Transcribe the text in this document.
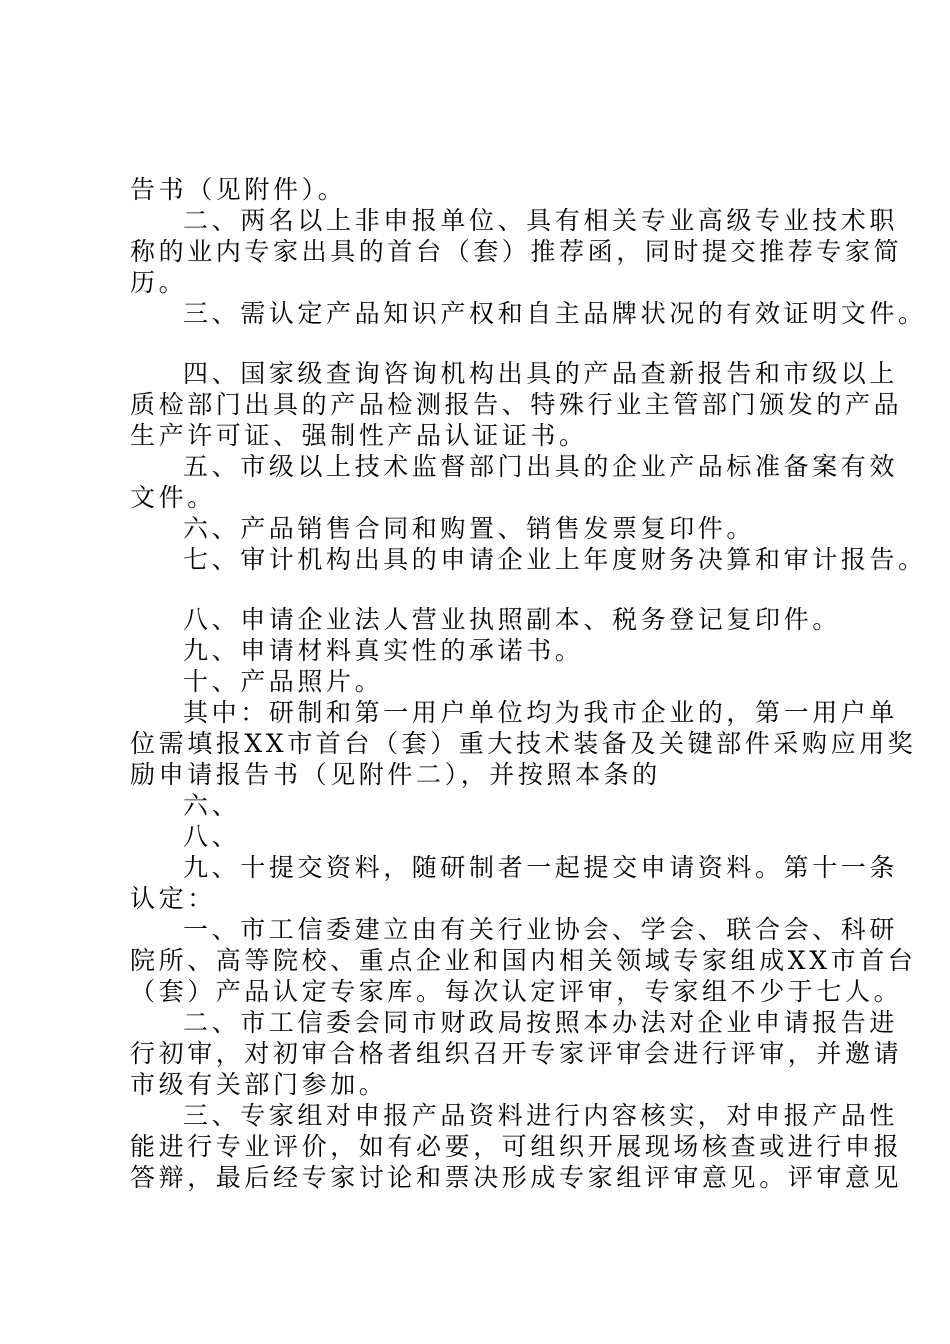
告书（见附件）。
二、两名以上非申报单位、具有相关专业高级专业技术职
称的业内专家出具的首台（套）推荐函，同时提交推荐专家简
历。
三、需认定产品知识产权和自主品牌状况的有效证明文件。
四、国家级查询咨询机构出具的产品查新报告和市级以上
质检部门出具的产品检测报告、特殊行业主管部门颁发的产品
生产许可证、强制性产品认证证书。
五、市级以上技术监督部门出具的企业产品标准备案有效
文件。
六、产品销售合同和购置、销售发票复印件。
七、审计机构出具的申请企业上年度财务决算和审计报告。
八、申请企业法人营业执照副本、税务登记复印件。
九、申请材料真实性的承诺书。
十、产品照片。
其中：研制和第一用户单位均为我市企业的，第一用户单
位需填报XX市首台（套）重大技术装备及关键部件采购应用奖
励申请报告书（见附件二），并按照本条的
六、
八、
九、十提交资料，随研制者一起提交申请资料。第十一条
认定：
一、市工信委建立由有关行业协会、学会、联合会、科研
院所、高等院校、重点企业和国内相关领域专家组成XX市首台
（套）产品认定专家库。每次认定评审，专家组不少于七人。
二、市工信委会同市财政局按照本办法对企业申请报告进
行初审，对初审合格者组织召开专家评审会进行评审，并邀请
市级有关部门参加。
三、专家组对申报产品资料进行内容核实，对申报产品性
能进行专业评价，如有必要，可组织开展现场核查或进行申报
答辩，最后经专家讨论和票决形成专家组评审意见。评审意见
